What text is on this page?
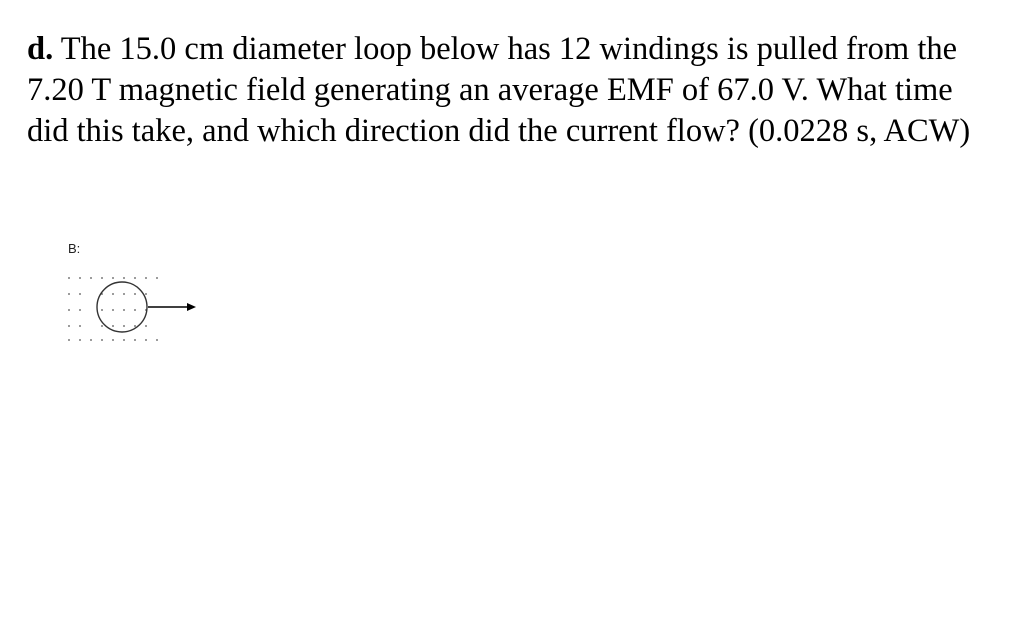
d. The 15.0 cm diameter loop below has 12 windings is pulled from the 7.20 T magnetic field generating an average EMF of 67.0 V. What time did this take, and which direction did the current flow? (0.0228 s, ACW)

B:
